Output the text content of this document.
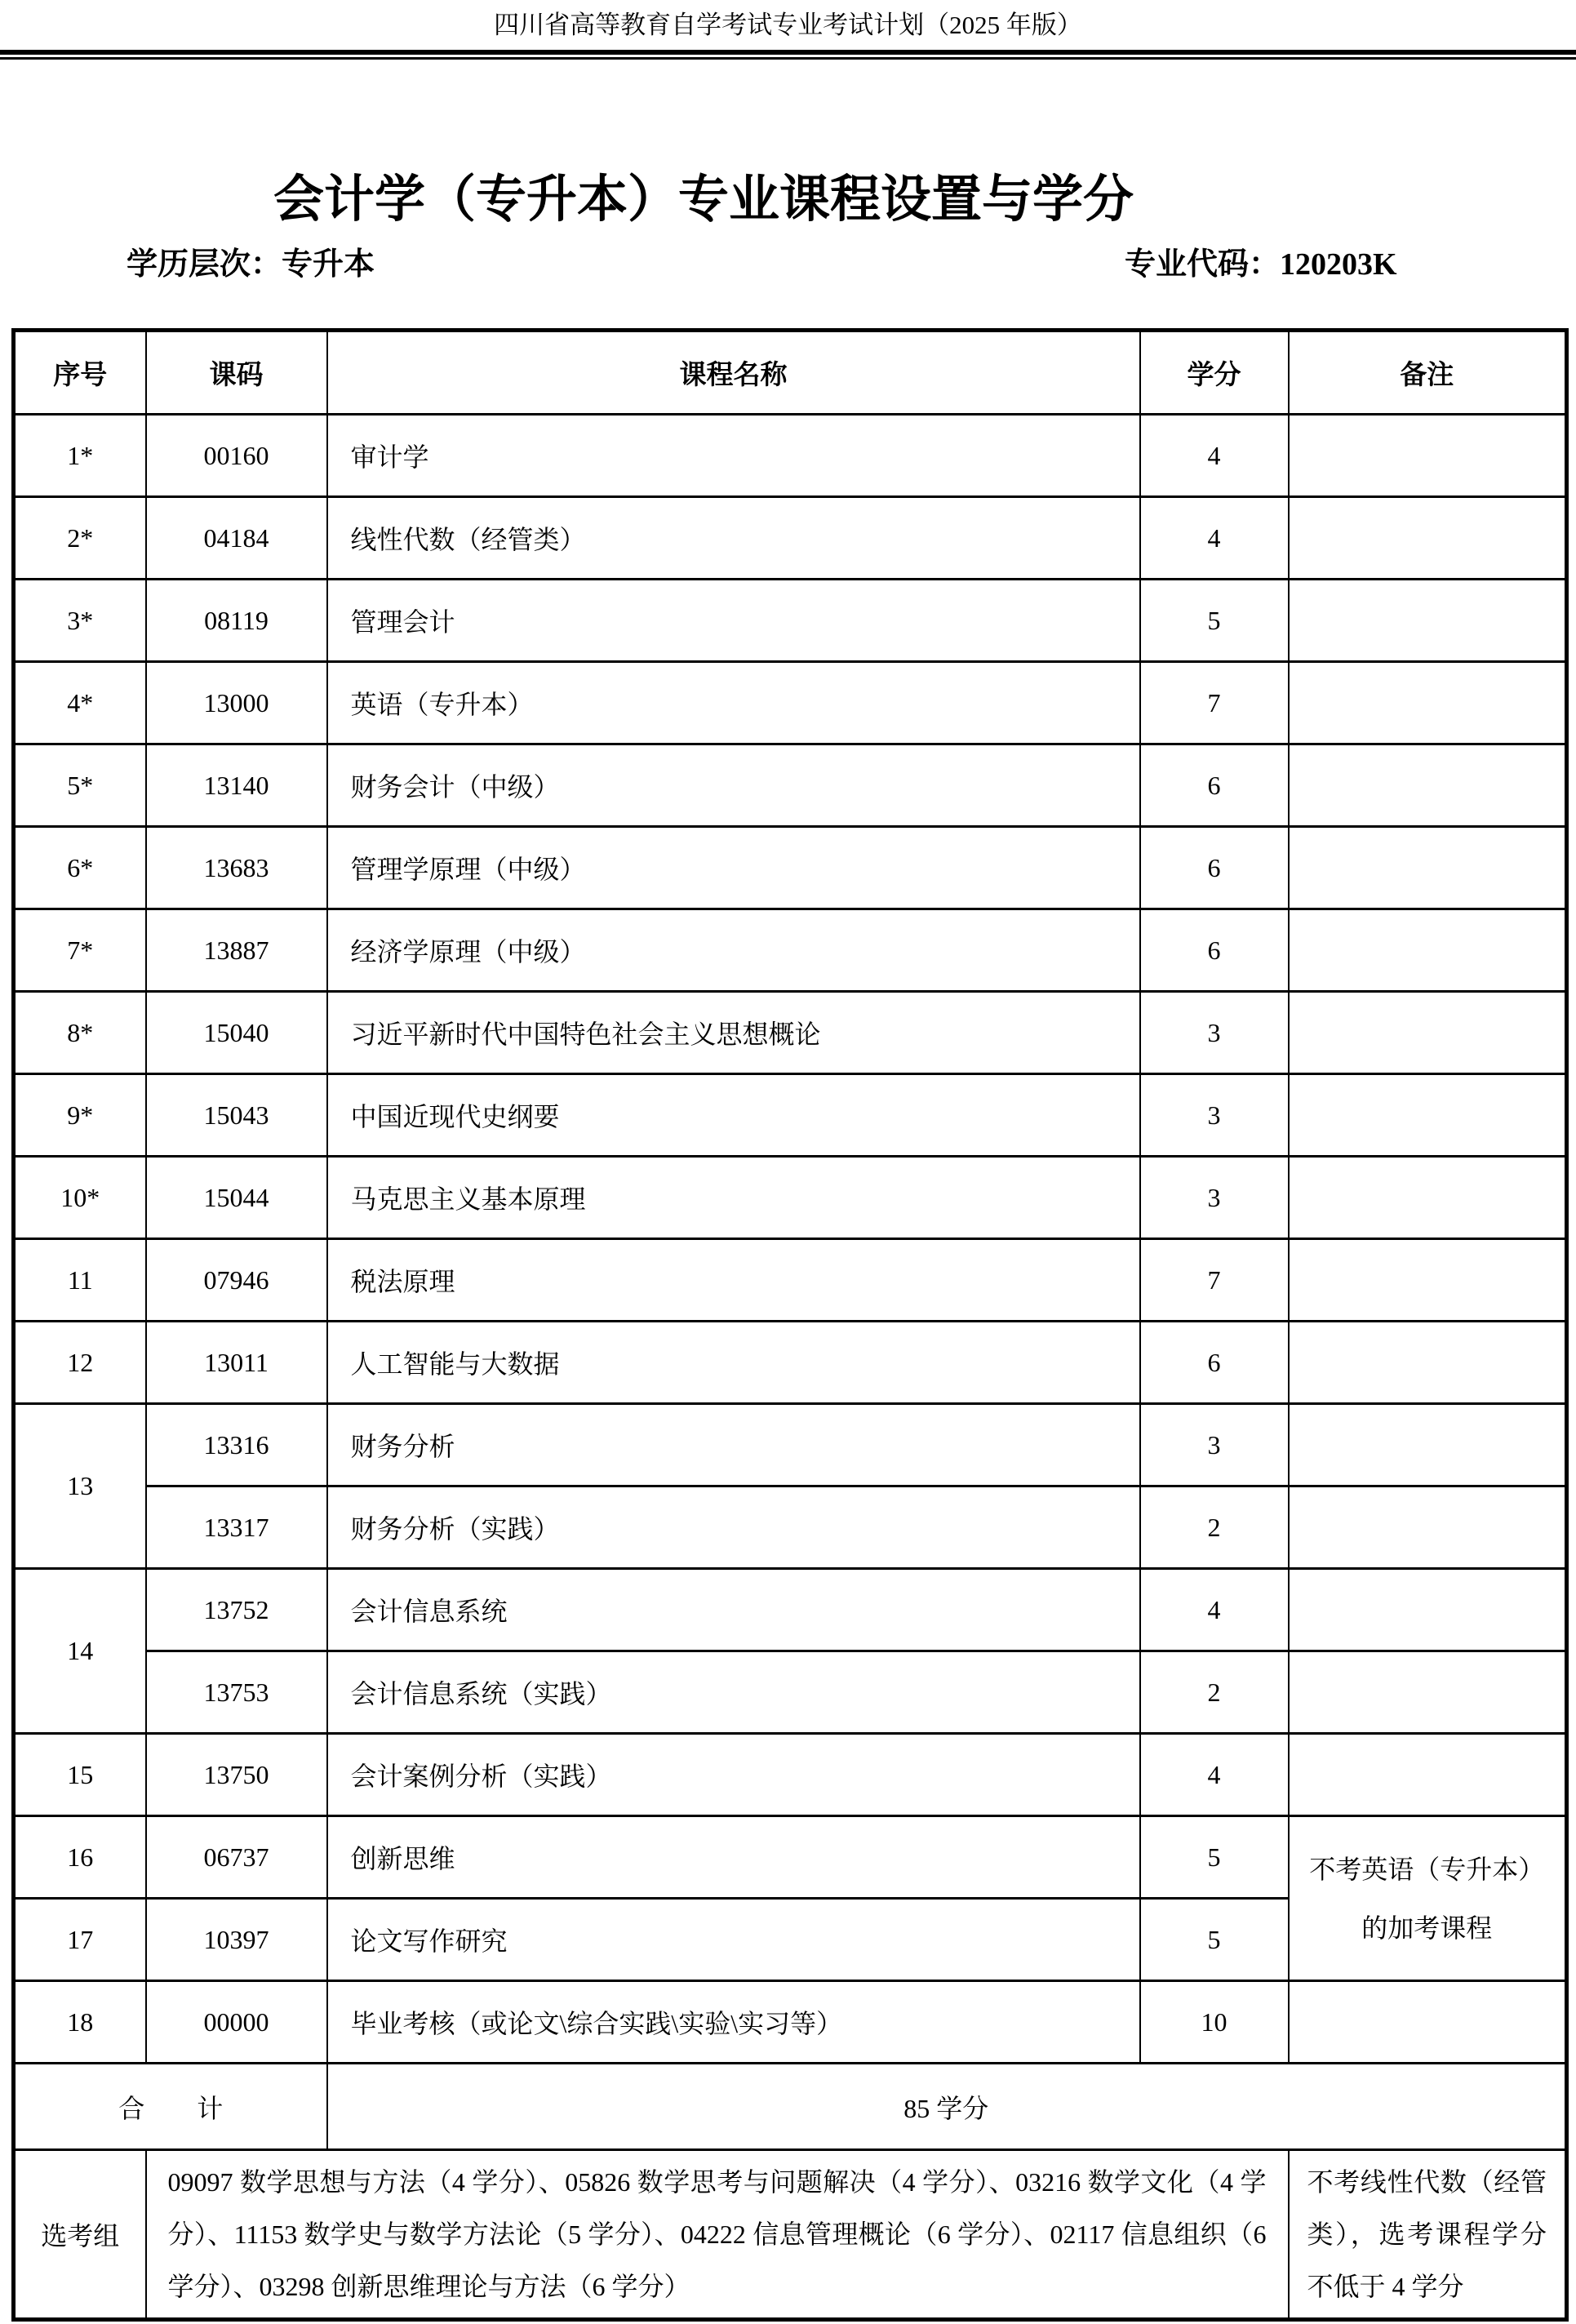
四川省高等教育自学考试专业考试计划（2025 年版）
会计学（专升本）专业课程设置与学分
学历层次：专升本	专业代码：120203K
序号	课码	课程名称	学分	备注
1*	00160	审计学	4	
2*	04184	线性代数（经管类）	4	
3*	08119	管理会计	5	
4*	13000	英语（专升本）	7	
5*	13140	财务会计（中级）	6	
6*	13683	管理学原理（中级）	6	
7*	13887	经济学原理（中级）	6	
8*	15040	习近平新时代中国特色社会主义思想概论	3	
9*	15043	中国近现代史纲要	3	
10*	15044	马克思主义基本原理	3	
11	07946	税法原理	7	
12	13011	人工智能与大数据	6	
13	13316	财务分析	3	
	13317	财务分析（实践）	2	
14	13752	会计信息系统	4	
	13753	会计信息系统（实践）	2	
15	13750	会计案例分析（实践）	4	
16	06737	创新思维	5	不考英语（专升本）的加考课程
17	10397	论文写作研究	5	
18	00000	毕业考核（或论文\综合实践\实验\实习等）	10	
合　　计		85 学分		
选考组	09097 数学思想与方法（4 学分）、05826 数学思考与问题解决（4 学分）、03216 数学文化（4 学分）、11153 数学史与数学方法论（5 学分）、04222 信息管理概论（6 学分）、02117 信息组织（6 学分）、03298 创新思维理论与方法（6 学分）			不考线性代数（经管类），选考课程学分不低于 4 学分
